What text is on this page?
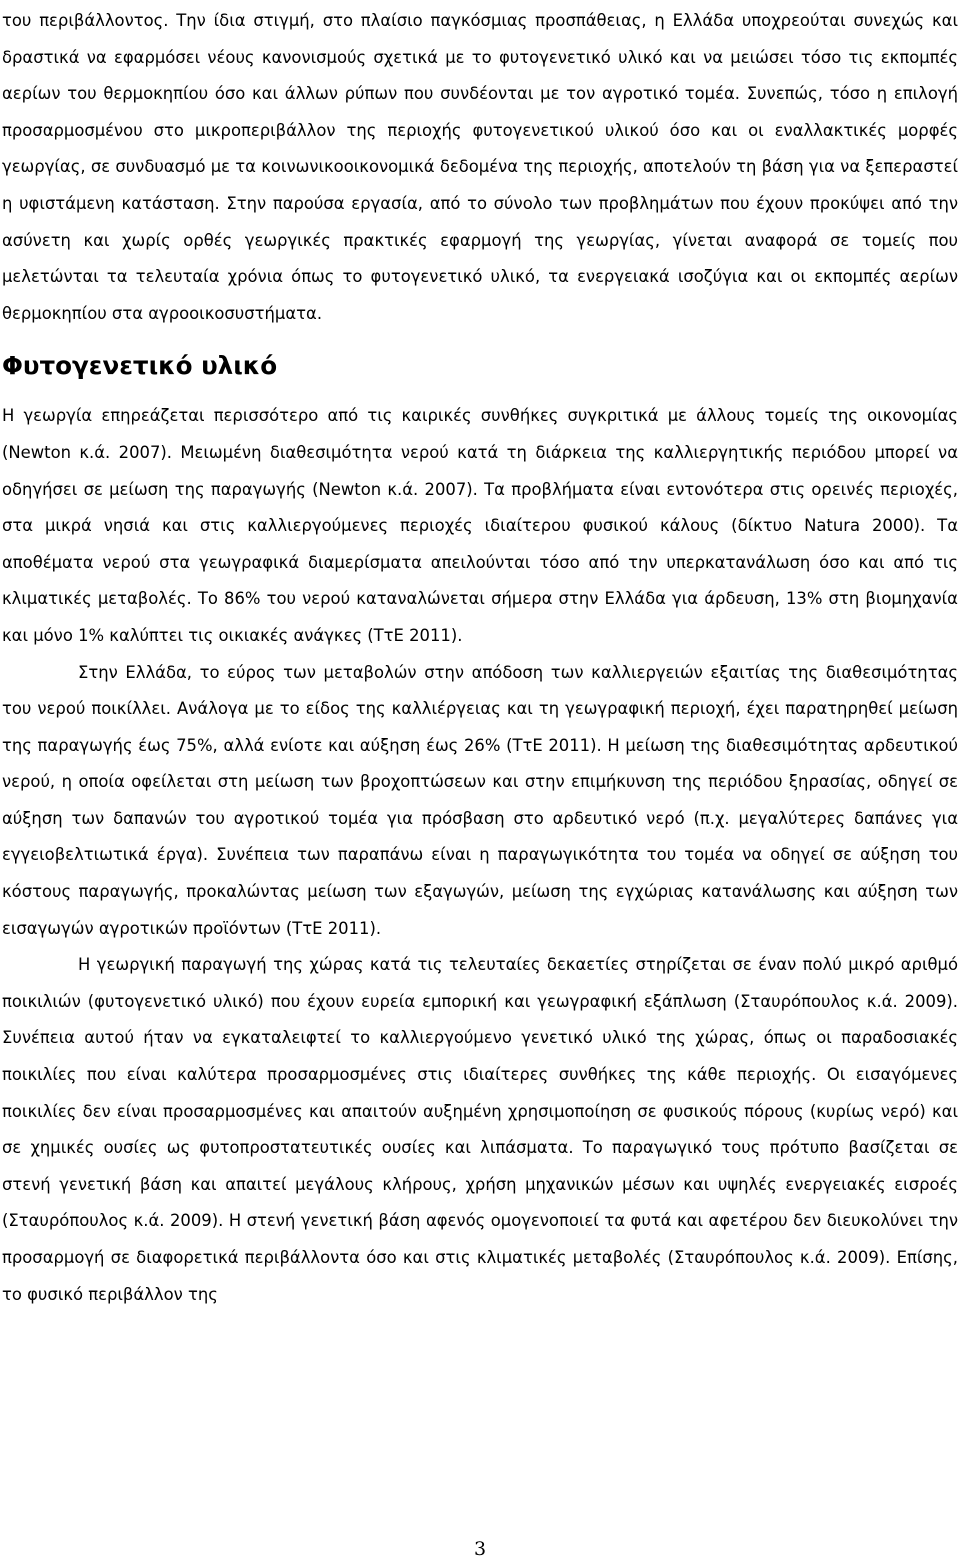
του περιβάλλοντος. Την ίδια στιγμή, στο πλαίσιο παγκόσμιας προσπάθειας, η Ελλάδα υποχρεούται συνεχώς και δραστικά να εφαρμόσει νέους κανονισμούς σχετικά με το φυτογενετικό υλικό και να μειώσει τόσο τις εκπομπές αερίων του θερμοκηπίου όσο και άλλων ρύπων που συνδέονται με τον αγροτικό τομέα. Συνεπώς, τόσο η επιλογή προσαρμοσμένου στο μικροπεριβάλλον της περιοχής φυτογενετικού υλικού όσο και οι εναλλακτικές μορφές γεωργίας, σε συνδυασμό με τα κοινωνικοοικονομικά δεδομένα της περιοχής, αποτελούν τη βάση για να ξεπεραστεί η υφιστάμενη κατάσταση. Στην παρούσα εργασία, από το σύνολο των προβλημάτων που έχουν προκύψει από την ασύνετη και χωρίς ορθές γεωργικές πρακτικές εφαρμογή της γεωργίας, γίνεται αναφορά σε τομείς που μελετώνται τα τελευταία χρόνια όπως το φυτογενετικό υλικό, τα ενεργειακά ισοζύγια και οι εκπομπές αερίων θερμοκηπίου στα αγροοικοσυστήματα.

Φυτογενετικό υλικό

Η γεωργία επηρεάζεται περισσότερο από τις καιρικές συνθήκες συγκριτικά με άλλους τομείς της οικονομίας (Newton κ.ά. 2007). Μειωμένη διαθεσιμότητα νερού κατά τη διάρκεια της καλλιεργητικής περιόδου μπορεί να οδηγήσει σε μείωση της παραγωγής (Newton κ.ά. 2007). Τα προβλήματα είναι εντονότερα στις ορεινές περιοχές, στα μικρά νησιά και στις καλλιεργούμενες περιοχές ιδιαίτερου φυσικού κάλους (δίκτυο Natura 2000). Τα αποθέματα νερού στα γεωγραφικά διαμερίσματα απειλούνται τόσο από την υπερκατανάλωση όσο και από τις κλιματικές μεταβολές. Το 86% του νερού καταναλώνεται σήμερα στην Ελλάδα για άρδευση, 13% στη βιομηχανία και μόνο 1% καλύπτει τις οικιακές ανάγκες (ΤτΕ 2011).

Στην Ελλάδα, το εύρος των μεταβολών στην απόδοση των καλλιεργειών εξαιτίας της διαθεσιμότητας του νερού ποικίλλει. Ανάλογα με το είδος της καλλιέργειας και τη γεωγραφική περιοχή, έχει παρατηρηθεί μείωση της παραγωγής έως 75%, αλλά ενίοτε και αύξηση έως 26% (ΤτΕ 2011). Η μείωση της διαθεσιμότητας αρδευτικού νερού, η οποία οφείλεται στη μείωση των βροχοπτώσεων και στην επιμήκυνση της περιόδου ξηρασίας, οδηγεί σε αύξηση των δαπανών του αγροτικού τομέα για πρόσβαση στο αρδευτικό νερό (π.χ. μεγαλύτερες δαπάνες για εγγειοβελτιωτικά έργα). Συνέπεια των παραπάνω είναι η παραγωγικότητα του τομέα να οδηγεί σε αύξηση του κόστους παραγωγής, προκαλώντας μείωση των εξαγωγών, μείωση της εγχώριας κατανάλωσης και αύξηση των εισαγωγών αγροτικών προϊόντων (ΤτΕ 2011).

Η γεωργική παραγωγή της χώρας κατά τις τελευταίες δεκαετίες στηρίζεται σε έναν πολύ μικρό αριθμό ποικιλιών (φυτογενετικό υλικό) που έχουν ευρεία εμπορική και γεωγραφική εξάπλωση (Σταυρόπουλος κ.ά. 2009). Συνέπεια αυτού ήταν να εγκαταλειφτεί το καλλιεργούμενο γενετικό υλικό της χώρας, όπως οι παραδοσιακές ποικιλίες που είναι καλύτερα προσαρμοσμένες στις ιδιαίτερες συνθήκες της κάθε περιοχής. Οι εισαγόμενες ποικιλίες δεν είναι προσαρμοσμένες και απαιτούν αυξημένη χρησιμοποίηση σε φυσικούς πόρους (κυρίως νερό) και σε χημικές ουσίες ως φυτοπροστατευτικές ουσίες και λιπάσματα. Το παραγωγικό τους πρότυπο βασίζεται σε στενή γενετική βάση και απαιτεί μεγάλους κλήρους, χρήση μηχανικών μέσων και υψηλές ενεργειακές εισροές (Σταυρόπουλος κ.ά. 2009). Η στενή γενετική βάση αφενός ομογενοποιεί τα φυτά και αφετέρου δεν διευκολύνει την προσαρμογή σε διαφορετικά περιβάλλοντα όσο και στις κλιματικές μεταβολές (Σταυρόπουλος κ.ά. 2009). Επίσης, το φυσικό περιβάλλον της

3
